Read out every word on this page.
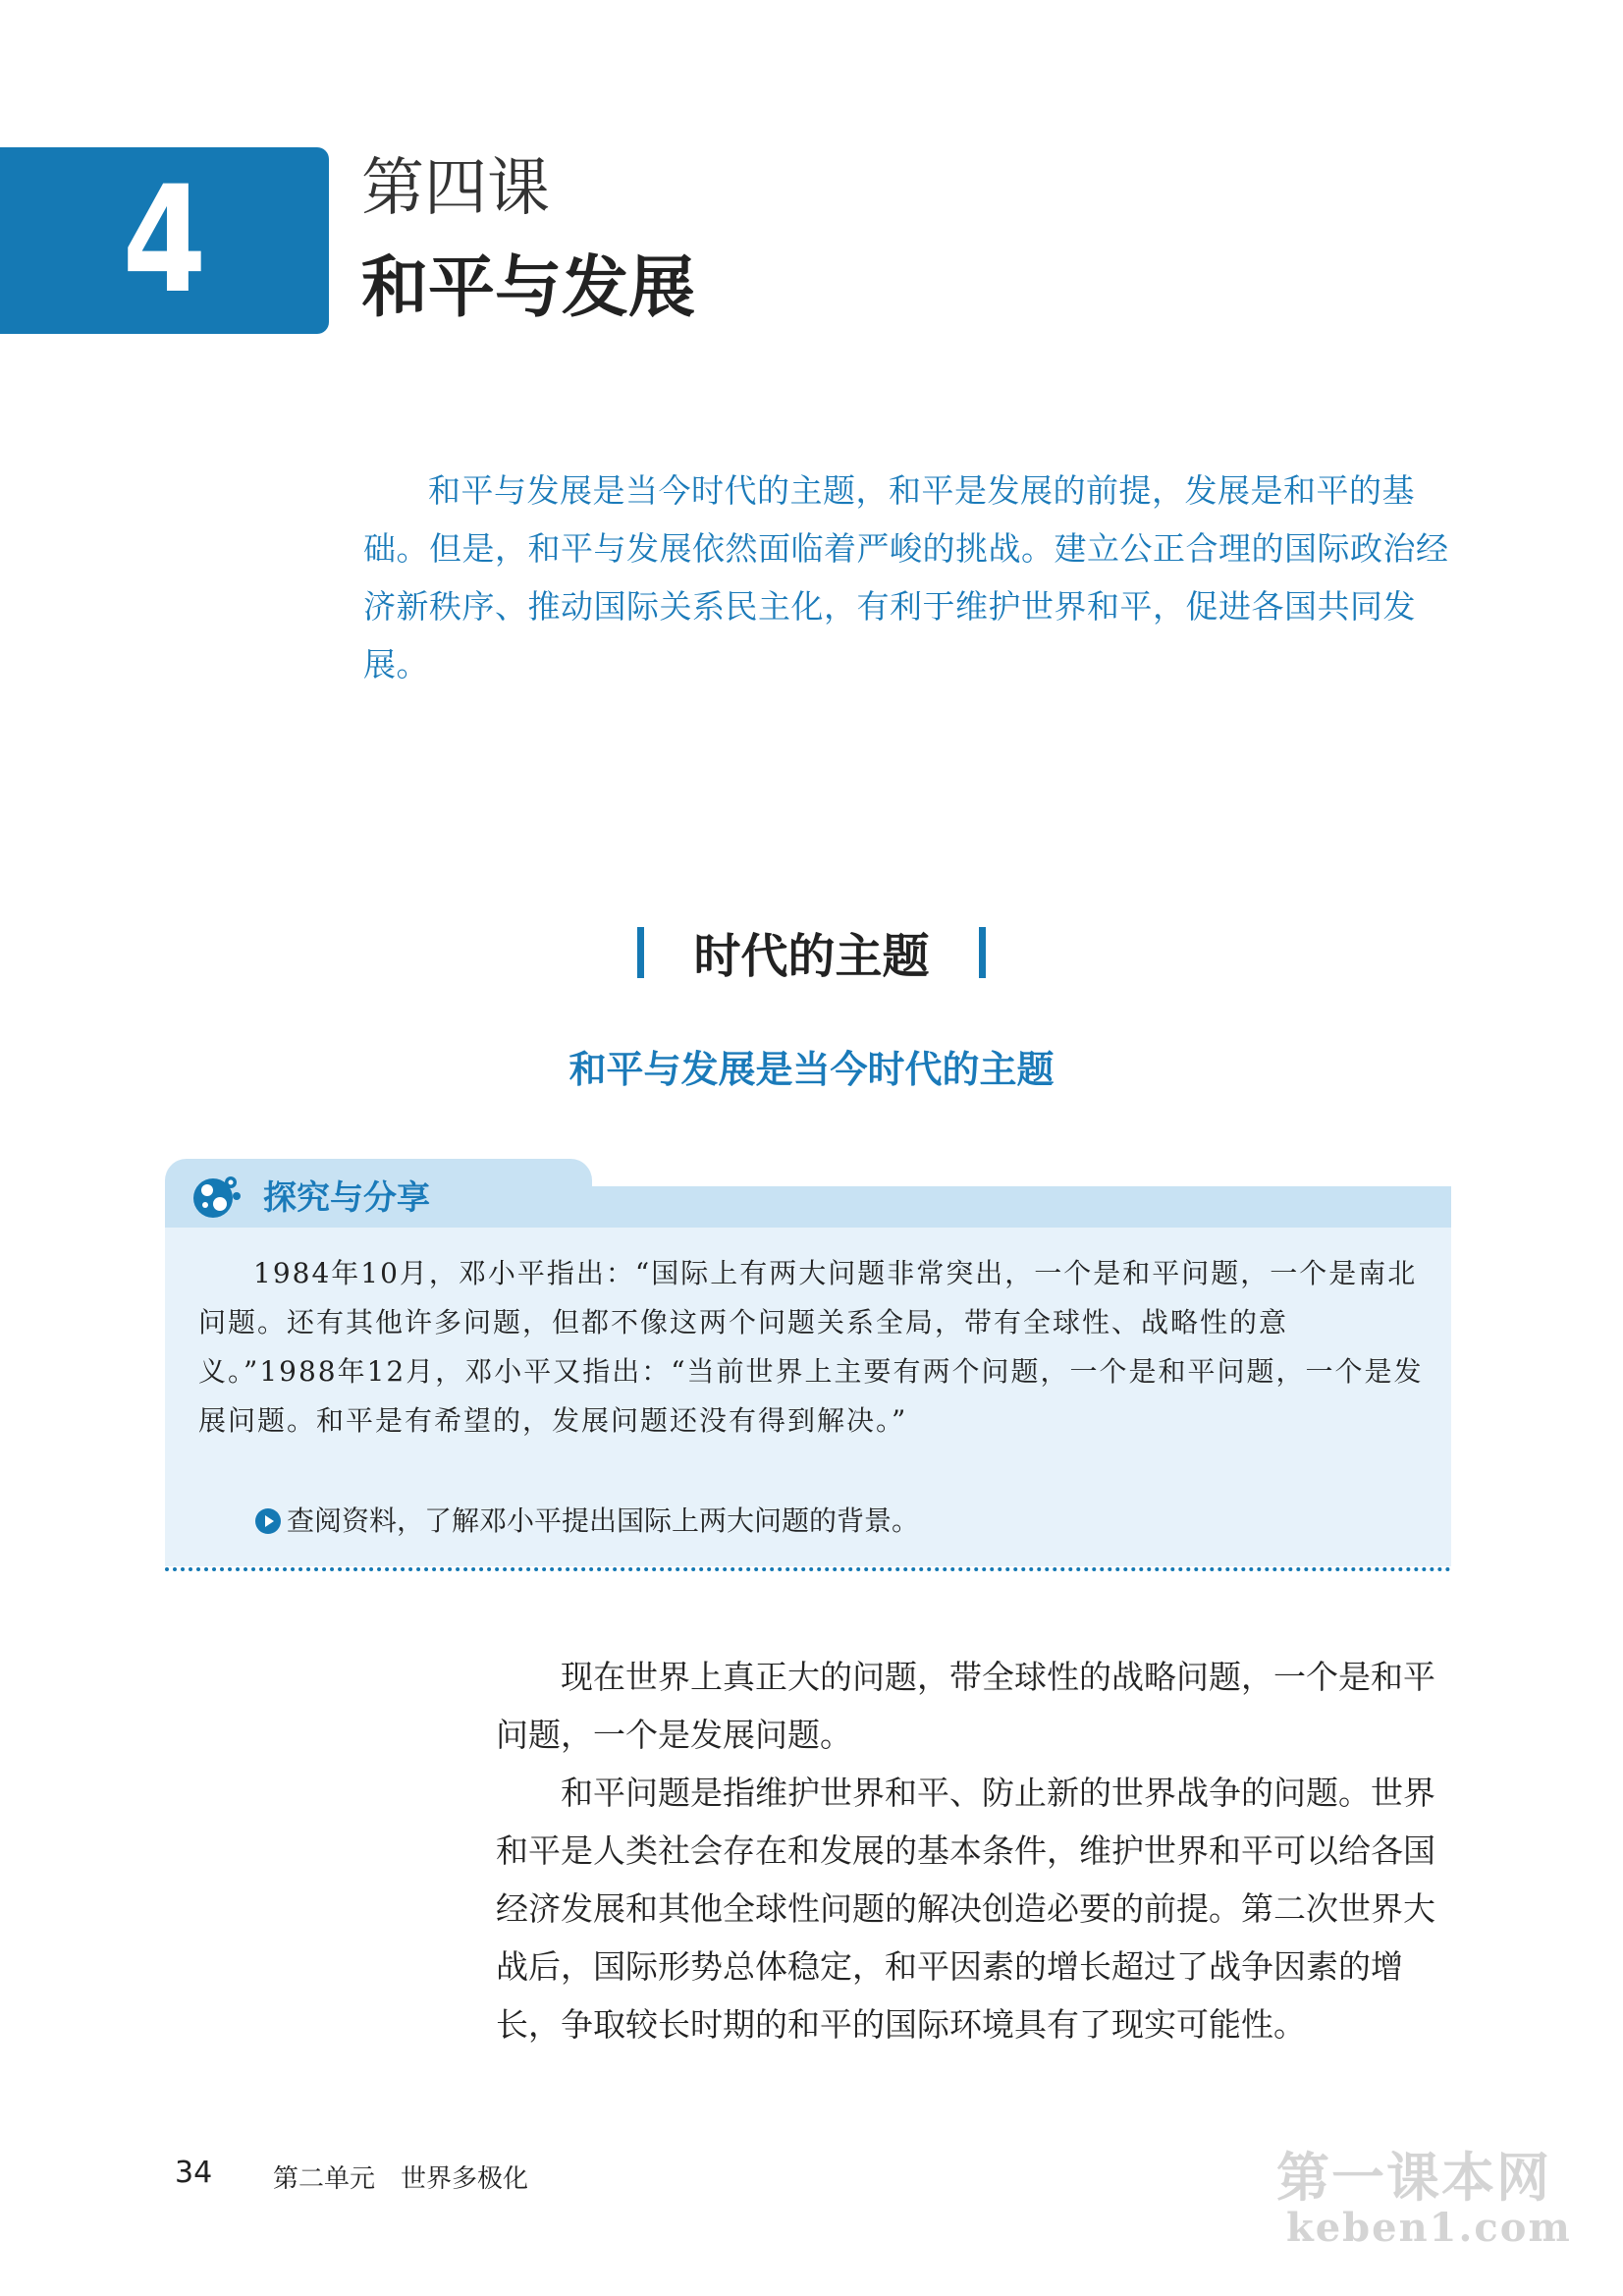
4	第四课
和平与发展

和平与发展是当今时代的主题，和平是发展的前提，发展是和平的基础。但是，和平与发展依然面临着严峻的挑战。建立公正合理的国际政治经济新秩序、推动国际关系民主化，有利于维护世界和平，促进各国共同发展。

时代的主题
和平与发展是当今时代的主题
探究与分享

1984年10月，邓小平指出：“国际上有两大问题非常突出，一个是和平问题，一个是南北问题。还有其他许多问题，但都不像这两个问题关系全局，带有全球性、战略性的意义。”1988年12月，邓小平又指出：“当前世界上主要有两个问题，一个是和平问题，一个是发展问题。和平是有希望的，发展问题还没有得到解决。”

查阅资料，了解邓小平提出国际上两大问题的背景。

现在世界上真正大的问题，带全球性的战略问题，一个是和平问题，一个是发展问题。

和平问题是指维护世界和平、防止新的世界战争的问题。世界和平是人类社会存在和发展的基本条件，维护世界和平可以给各国经济发展和其他全球性问题的解决创造必要的前提。第二次世界大战后，国际形势总体稳定，和平因素的增长超过了战争因素的增长，争取较长时期的和平的国际环境具有了现实可能性。

34 第二单元　世界多极化	第一课本网
keben1.com
